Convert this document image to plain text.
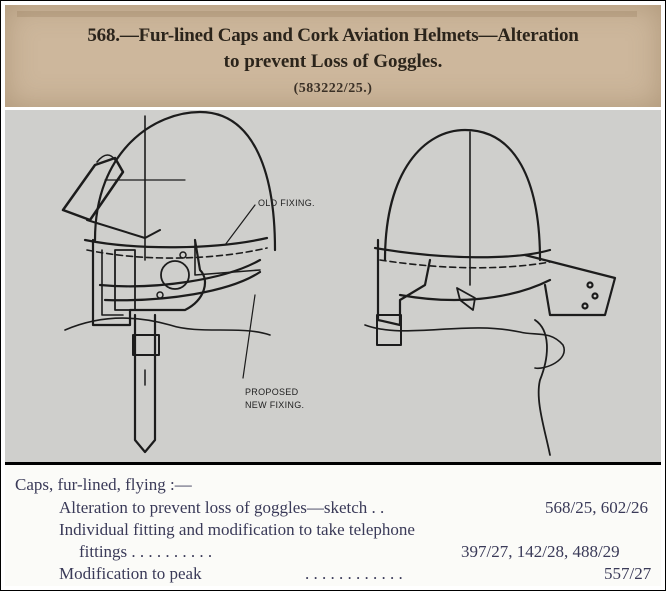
568.—Fur-lined Caps and Cork Aviation Helmets—Alteration
to prevent Loss of Goggles.
(583222/25.)
OLD FIXING.
PROPOSED
NEW FIXING.
Caps, fur-lined, flying :—
Alteration to prevent loss of goggles—sketch . .	568/25, 602/26
Individual fitting and modification to take telephone
fittings . . . . . . . . . .	397/27, 142/28, 488/29
Modification to peak	. . . . . . . . . . . .	557/27
